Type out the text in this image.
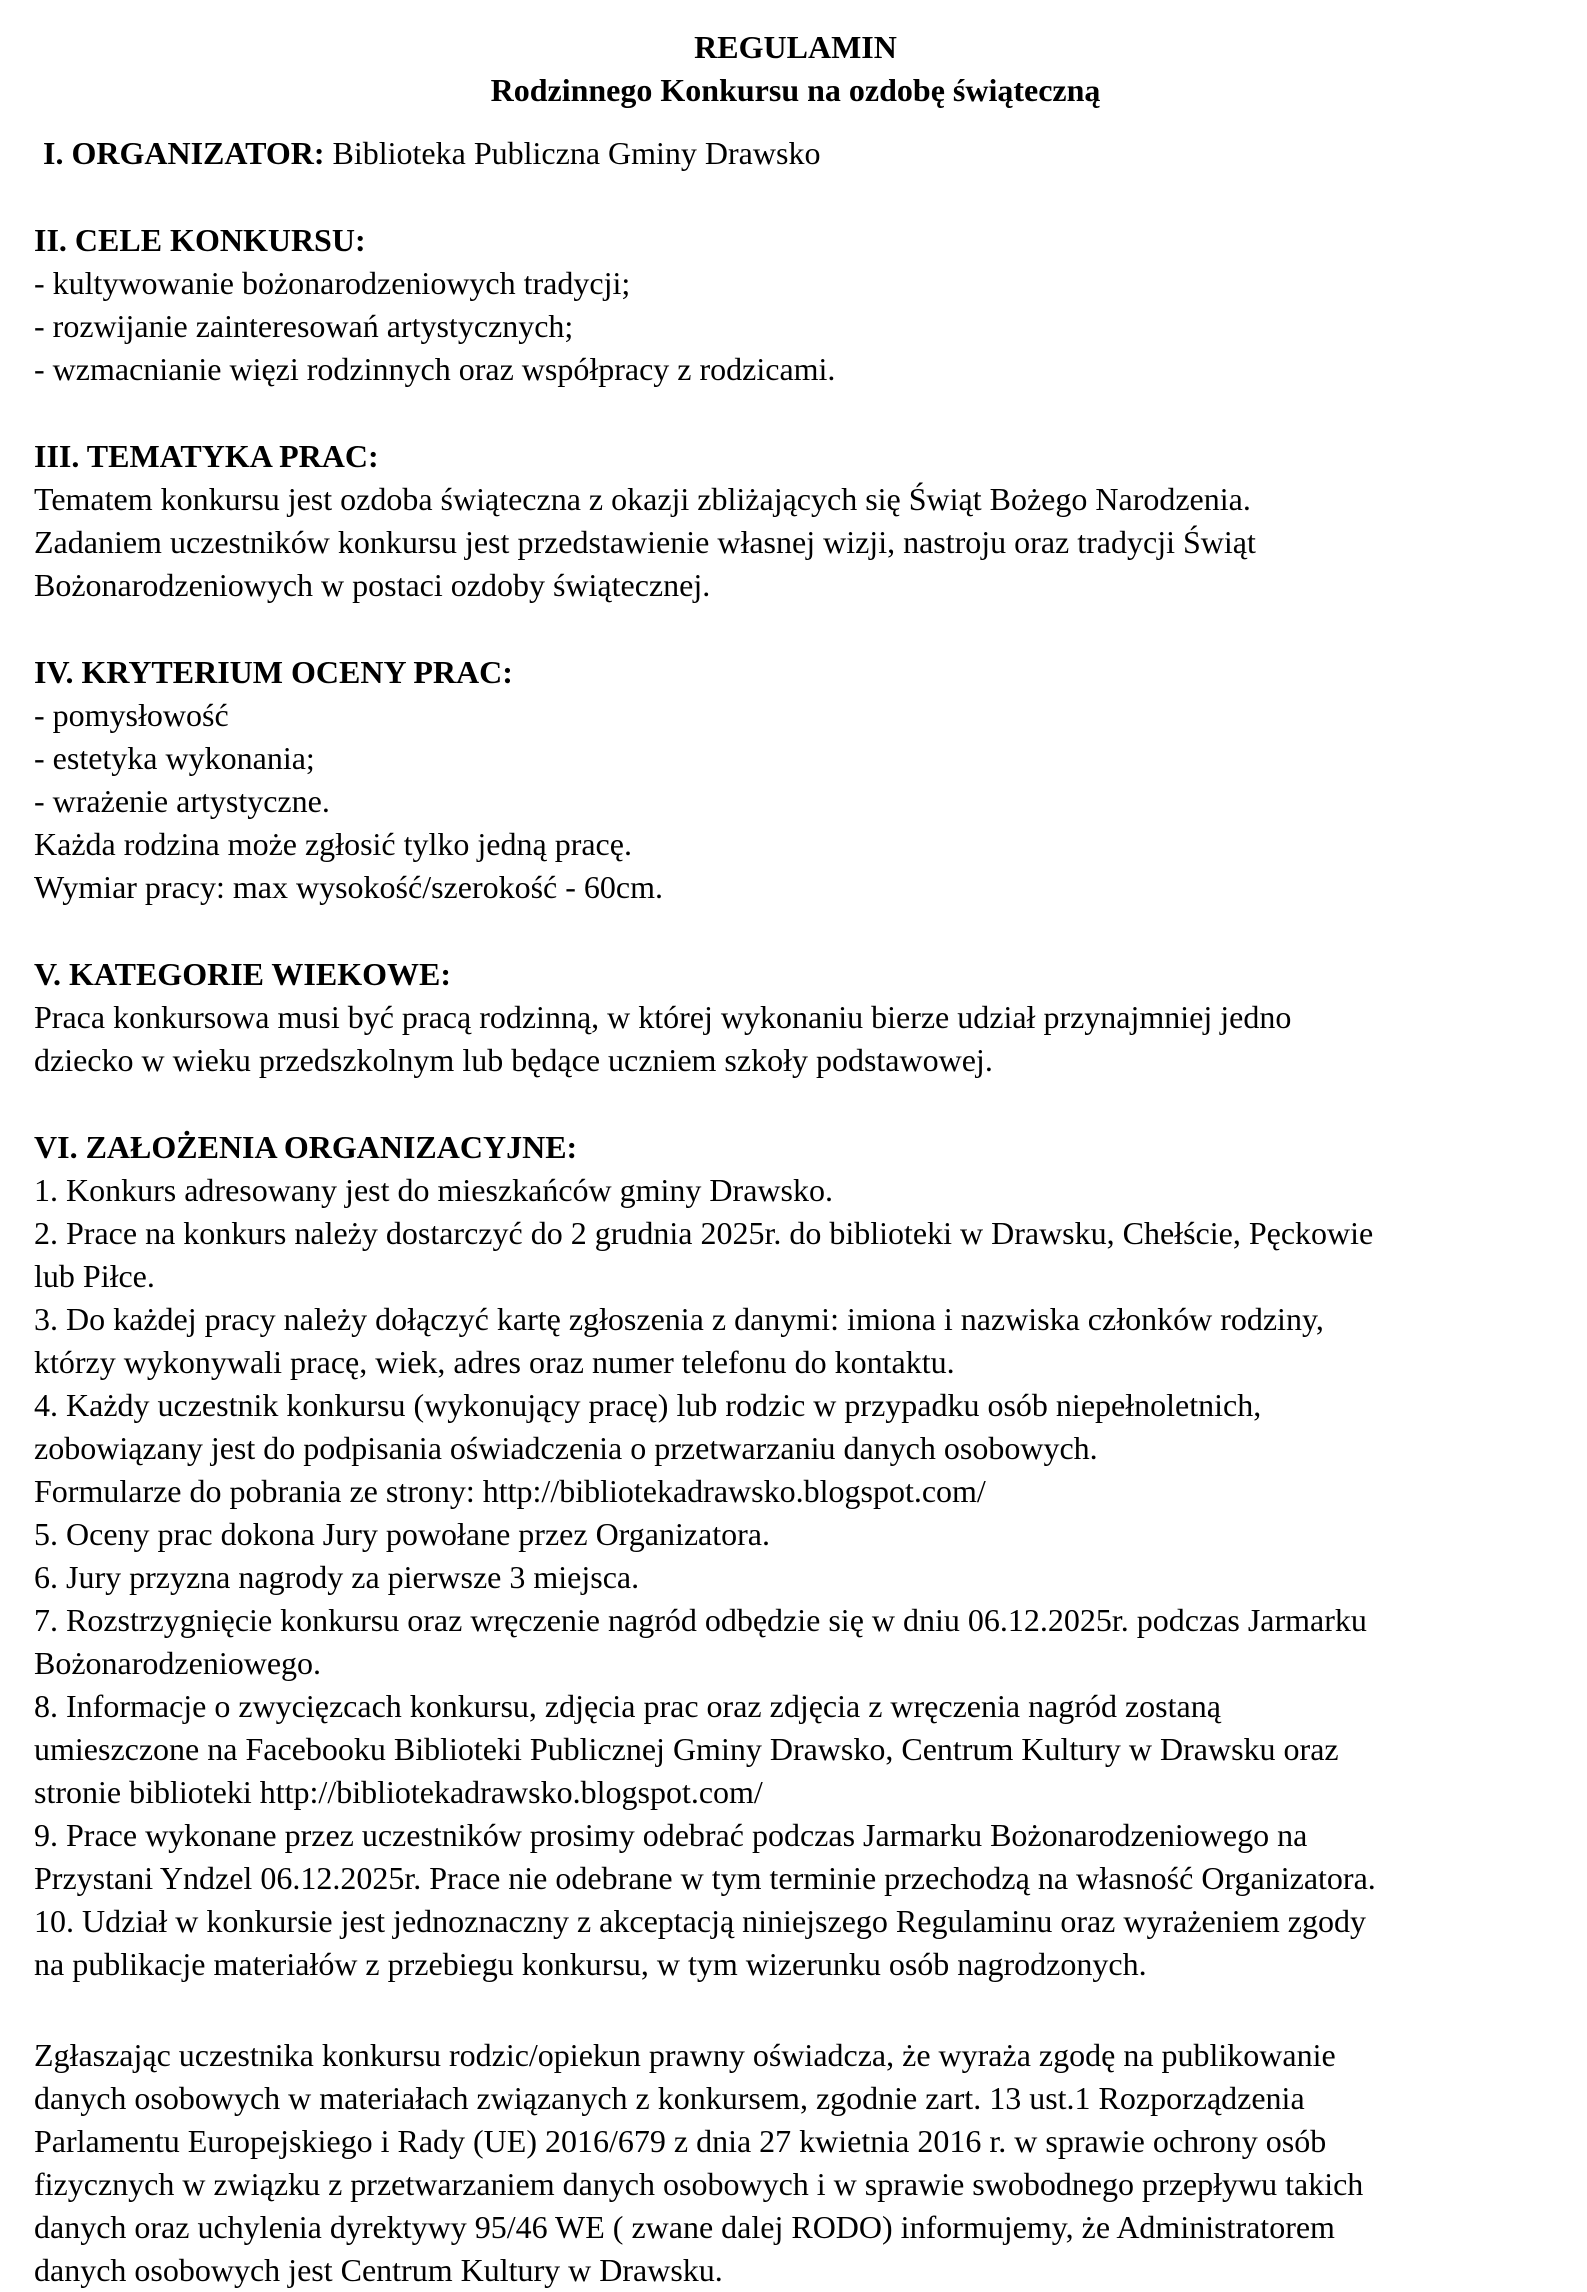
REGULAMIN
Rodzinnego Konkursu na ozdobę świąteczną
I. ORGANIZATOR: Biblioteka Publiczna Gminy Drawsko
II. CELE KONKURSU:
- kultywowanie bożonarodzeniowych tradycji;
- rozwijanie zainteresowań artystycznych;
- wzmacnianie więzi rodzinnych oraz współpracy z rodzicami.
III. TEMATYKA PRAC:
Tematem konkursu jest ozdoba świąteczna z okazji zbliżających się Świąt Bożego Narodzenia.
Zadaniem uczestników konkursu jest przedstawienie własnej wizji, nastroju oraz tradycji Świąt
Bożonarodzeniowych w postaci ozdoby świątecznej.
IV. KRYTERIUM OCENY PRAC:
- pomysłowość
- estetyka wykonania;
- wrażenie artystyczne.
Każda rodzina może zgłosić tylko jedną pracę.
Wymiar pracy: max wysokość/szerokość - 60cm.
V. KATEGORIE WIEKOWE:
Praca konkursowa musi być pracą rodzinną, w której wykonaniu bierze udział przynajmniej jedno
dziecko w wieku przedszkolnym lub będące uczniem szkoły podstawowej.
VI. ZAŁOŻENIA ORGANIZACYJNE:
1. Konkurs adresowany jest do mieszkańców gminy Drawsko.
2. Prace na konkurs należy dostarczyć do 2 grudnia 2025r. do biblioteki w Drawsku, Chełście, Pęckowie
lub Piłce.
3. Do każdej pracy należy dołączyć kartę zgłoszenia z danymi: imiona i nazwiska członków rodziny,
którzy wykonywali pracę, wiek, adres oraz numer telefonu do kontaktu.
4. Każdy uczestnik konkursu (wykonujący pracę) lub rodzic w przypadku osób niepełnoletnich,
zobowiązany jest do podpisania oświadczenia o przetwarzaniu danych osobowych.
Formularze do pobrania ze strony: http://bibliotekadrawsko.blogspot.com/
5. Oceny prac dokona Jury powołane przez Organizatora.
6. Jury przyzna nagrody za pierwsze 3 miejsca.
7. Rozstrzygnięcie konkursu oraz wręczenie nagród odbędzie się w dniu 06.12.2025r. podczas Jarmarku
Bożonarodzeniowego.
8. Informacje o zwycięzcach konkursu, zdjęcia prac oraz zdjęcia z wręczenia nagród zostaną
umieszczone na Facebooku Biblioteki Publicznej Gminy Drawsko, Centrum Kultury w Drawsku oraz
stronie biblioteki http://bibliotekadrawsko.blogspot.com/
9. Prace wykonane przez uczestników prosimy odebrać podczas Jarmarku Bożonarodzeniowego na
Przystani Yndzel 06.12.2025r. Prace nie odebrane w tym terminie przechodzą na własność Organizatora.
10. Udział w konkursie jest jednoznaczny z akceptacją niniejszego Regulaminu oraz wyrażeniem zgody
na publikacje materiałów z przebiegu konkursu, w tym wizerunku osób nagrodzonych.
Zgłaszając uczestnika konkursu rodzic/opiekun prawny oświadcza, że wyraża zgodę na publikowanie
danych osobowych w materiałach związanych z konkursem, zgodnie zart. 13 ust.1 Rozporządzenia
Parlamentu Europejskiego i Rady (UE) 2016/679 z dnia 27 kwietnia 2016 r. w sprawie ochrony osób
fizycznych w związku z przetwarzaniem danych osobowych i w sprawie swobodnego przepływu takich
danych oraz uchylenia dyrektywy 95/46 WE ( zwane dalej RODO) informujemy, że Administratorem
danych osobowych jest Centrum Kultury w Drawsku.
